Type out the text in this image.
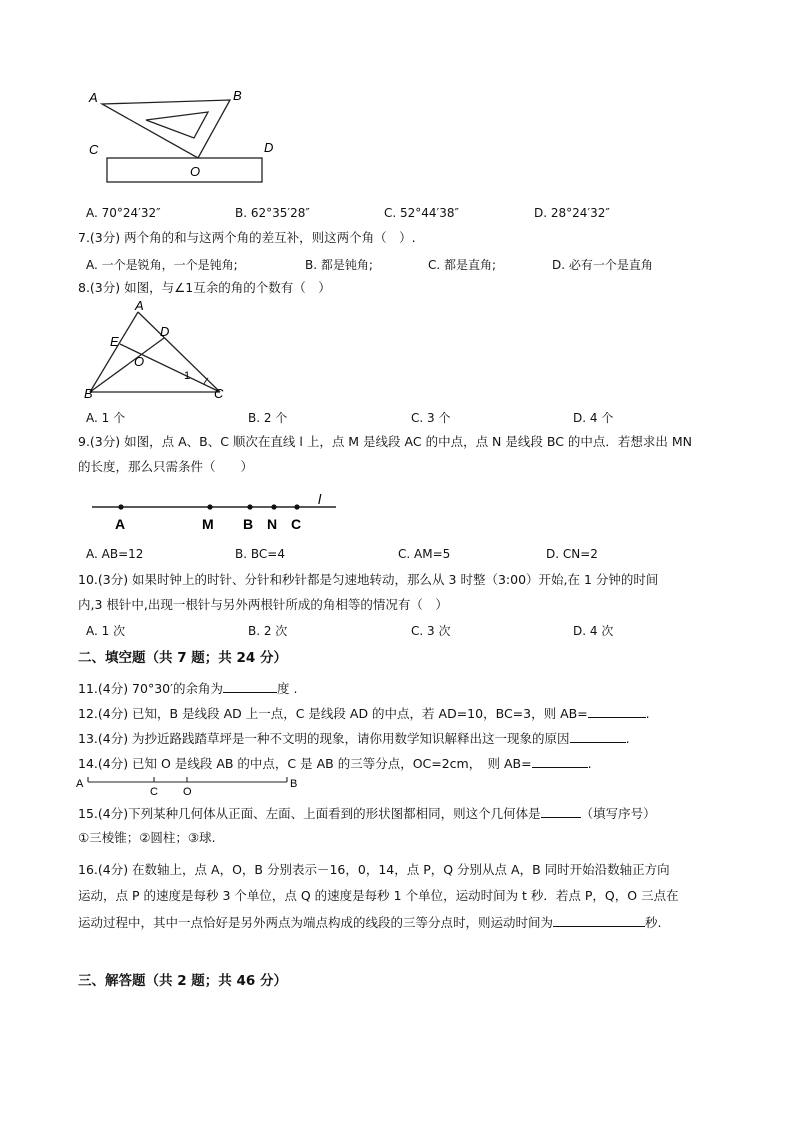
A	B
C	D
O
A. 70°24′32″	B. 62°35′28″	C. 52°44′38″	D. 28°24′32″
7.(3分) 两个角的和与这两个角的差互补，则这两个角（　）.
A. 一个是锐角，一个是钝角;	B. 都是钝角;	C. 都是直角;	D. 必有一个是直角
8.(3分) 如图，与∠1互余的角的个数有（　）
A
D
E
O
B	C
1
A. 1 个	B. 2 个	C. 3 个	D. 4 个
9.(3分) 如图，点 A、B、C 顺次在直线 l 上，点 M 是线段 AC 的中点，点 N 是线段 BC 的中点．若想求出 MN
的长度，那么只需条件（　　）
l
A	M B N C
A. AB=12	B. BC=4	C. AM=5	D. CN=2
10.(3分) 如果时钟上的时针、分针和秒针都是匀速地转动，那么从 3 时整（3:00）开始,在 1 分钟的时间
内,3 根针中,出现一根针与另外两根针所成的角相等的情况有（　）
A. 1 次	B. 2 次	C. 3 次	D. 4 次
二、填空题（共 7 题；共 24 分）
11.(4分) 70°30′的余角为	度 .
12.(4分) 已知，B 是线段 AD 上一点，C 是线段 AD 的中点，若 AD=10，BC=3，则 AB=	.
13.(4分) 为抄近路践踏草坪是一种不文明的现象，请你用数学知识解释出这一现象的原因	.
14.(4分) 已知 O 是线段 AB 的中点，C 是 AB 的三等分点，OC=2cm，　则 AB=	.
A	B
C O
15.(4分)下列某种几何体从正面、左面、上面看到的形状图都相同，则这个几何体是	（填写序号）
①三棱锥；②圆柱；③球.
16.(4分) 在数轴上，点 A，O，B 分别表示－16，0，14，点 P，Q 分别从点 A，B 同时开始沿数轴正方向
运动，点 P 的速度是每秒 3 个单位，点 Q 的速度是每秒 1 个单位，运动时间为 t 秒．若点 P，Q，O 三点在
运动过程中，其中一点恰好是另外两点为端点构成的线段的三等分点时，则运动时间为	秒.
三、解答题（共 2 题；共 46 分）
